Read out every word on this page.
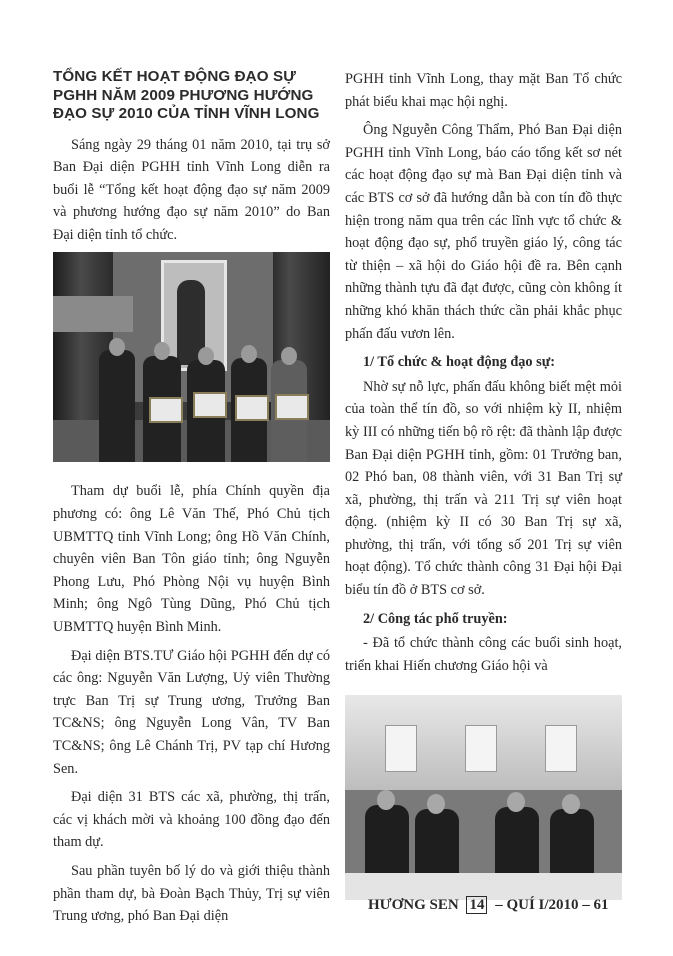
TỔNG KẾT HOẠT ĐỘNG ĐẠO SỰ PGHH NĂM 2009 PHƯƠNG HƯỚNG ĐẠO SỰ 2010 CỦA TỈNH VĨNH LONG

Sáng ngày 29 tháng 01 năm 2010, tại trụ sở Ban Đại diện PGHH tỉnh Vĩnh Long diễn ra buổi lễ “Tổng kết hoạt động đạo sự năm 2009 và phương hướng đạo sự năm 2010” do Ban Đại diện tỉnh tổ chức.

Tham dự buổi lễ, phía Chính quyền địa phương có: ông Lê Văn Thế, Phó Chủ tịch UBMTTQ tỉnh Vĩnh Long; ông Hồ Văn Chính, chuyên viên Ban Tôn giáo tỉnh; ông Nguyễn Phong Lưu, Phó Phòng Nội vụ huyện Bình Minh; ông Ngô Tùng Dũng, Phó Chủ tịch UBMTTQ huyện Bình Minh.

Đại diện BTS.TƯ Giáo hội PGHH đến dự có các ông: Nguyễn Văn Lượng, Uỷ viên Thường trực Ban Trị sự Trung ương, Trưởng Ban TC&NS; ông Nguyễn Long Vân, TV Ban TC&NS; ông Lê Chánh Trị, PV tạp chí Hương Sen.

Đại diện 31 BTS các xã, phường, thị trấn, các vị khách mời và khoảng 100 đồng đạo đến tham dự.

Sau phần tuyên bố lý do và giới thiệu thành phần tham dự, bà Đoàn Bạch Thủy, Trị sự viên Trung ương, phó Ban Đại diện

PGHH tỉnh Vĩnh Long, thay mặt Ban Tổ chức phát biểu khai mạc hội nghị.

Ông Nguyễn Công Thẩm, Phó Ban Đại diện PGHH tỉnh Vĩnh Long, báo cáo tổng kết sơ nét các hoạt động đạo sự mà Ban Đại diện tỉnh và các BTS cơ sở đã hướng dẫn bà con tín đồ thực hiện trong năm qua trên các lĩnh vực tổ chức & hoạt động đạo sự, phổ truyền giáo lý, công tác từ thiện – xã hội do Giáo hội đề ra. Bên cạnh những thành tựu đã đạt được, cũng còn không ít những khó khăn thách thức cần phải khắc phục phấn đấu vươn lên.

1/ Tổ chức & hoạt động đạo sự:

Nhờ sự nỗ lực, phấn đấu không biết mệt mỏi của toàn thể tín đồ, so với nhiệm kỳ II, nhiệm kỳ III có những tiến bộ rõ rệt: đã thành lập được Ban Đại diện PGHH tỉnh, gồm: 01 Trưởng ban, 02 Phó ban, 08 thành viên, với 31 Ban Trị sự xã, phường, thị trấn và 211 Trị sự viên hoạt động. (nhiệm kỳ II có 30 Ban Trị sự xã, phường, thị trấn, với tổng số 201 Trị sự viên hoạt động). Tổ chức thành công 31 Đại hội Đại biểu tín đồ ở BTS cơ sở.

2/ Công tác phổ truyền:

- Đã tổ chức thành công các buổi sinh hoạt, triển khai Hiến chương Giáo hội và

HƯƠNG SEN 14 – QUÍ I/2010 – 61
